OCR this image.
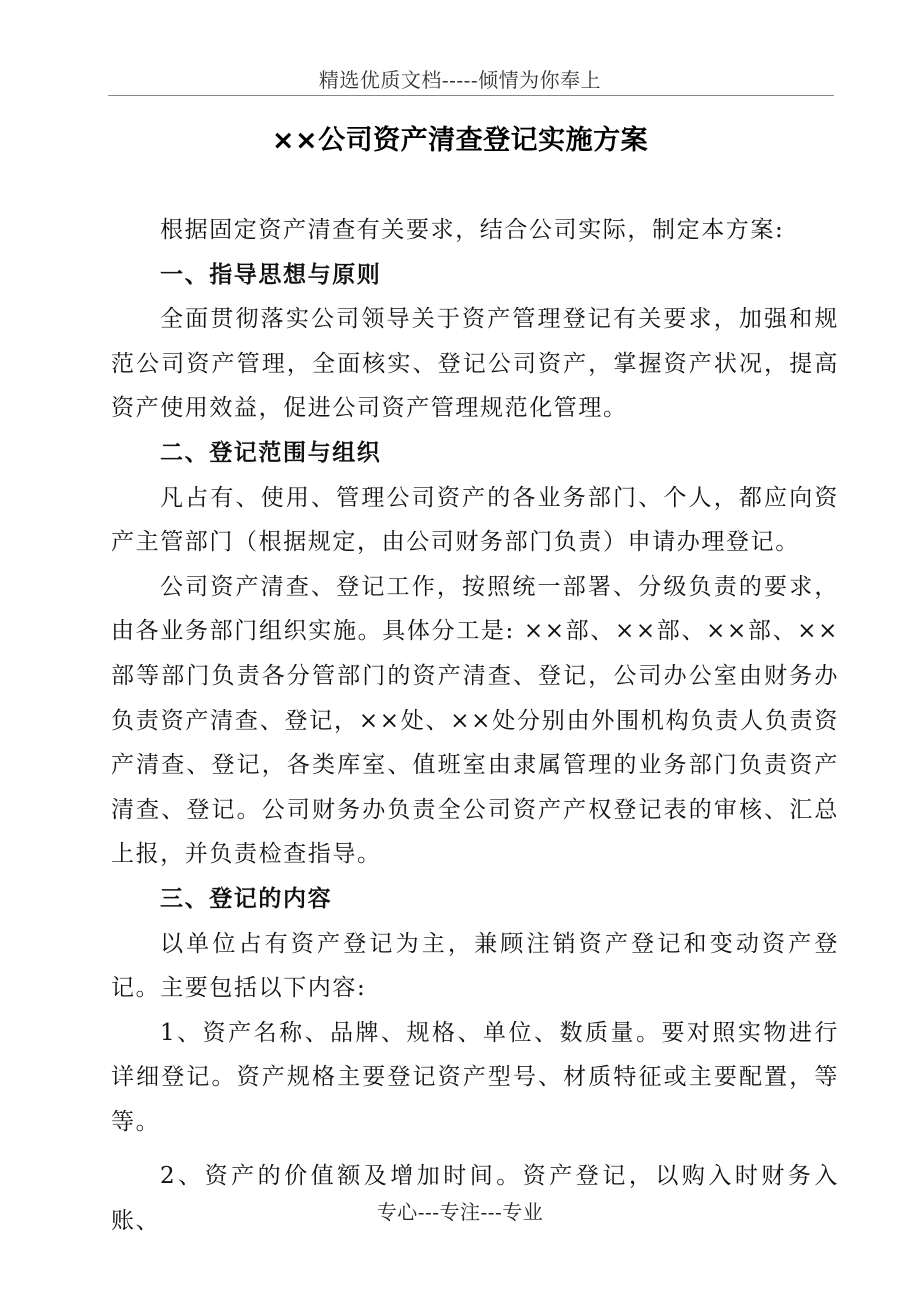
精选优质文档-----倾情为你奉上
××公司资产清查登记实施方案

根据固定资产清查有关要求，结合公司实际，制定本方案:

一、指导思想与原则

全面贯彻落实公司领导关于资产管理登记有关要求，加强和规范公司资产管理，全面核实、登记公司资产，掌握资产状况，提高资产使用效益，促进公司资产管理规范化管理。

二、登记范围与组织

凡占有、使用、管理公司资产的各业务部门、个人，都应向资产主管部门（根据规定，由公司财务部门负责）申请办理登记。

公司资产清查、登记工作，按照统一部署、分级负责的要求，由各业务部门组织实施。具体分工是: ××部、××部、××部、××部等部门负责各分管部门的资产清查、登记，公司办公室由财务办负责资产清查、登记，××处、××处分别由外围机构负责人负责资产清查、登记，各类库室、值班室由隶属管理的业务部门负责资产清查、登记。公司财务办负责全公司资产产权登记表的审核、汇总上报，并负责检查指导。

三、登记的内容

以单位占有资产登记为主，兼顾注销资产登记和变动资产登记。主要包括以下内容:

1、资产名称、品牌、规格、单位、数质量。要对照实物进行详细登记。资产规格主要登记资产型号、材质特征或主要配置，等等。

2、资产的价值额及增加时间。资产登记，以购入时财务入账、	专心---专注---专业
